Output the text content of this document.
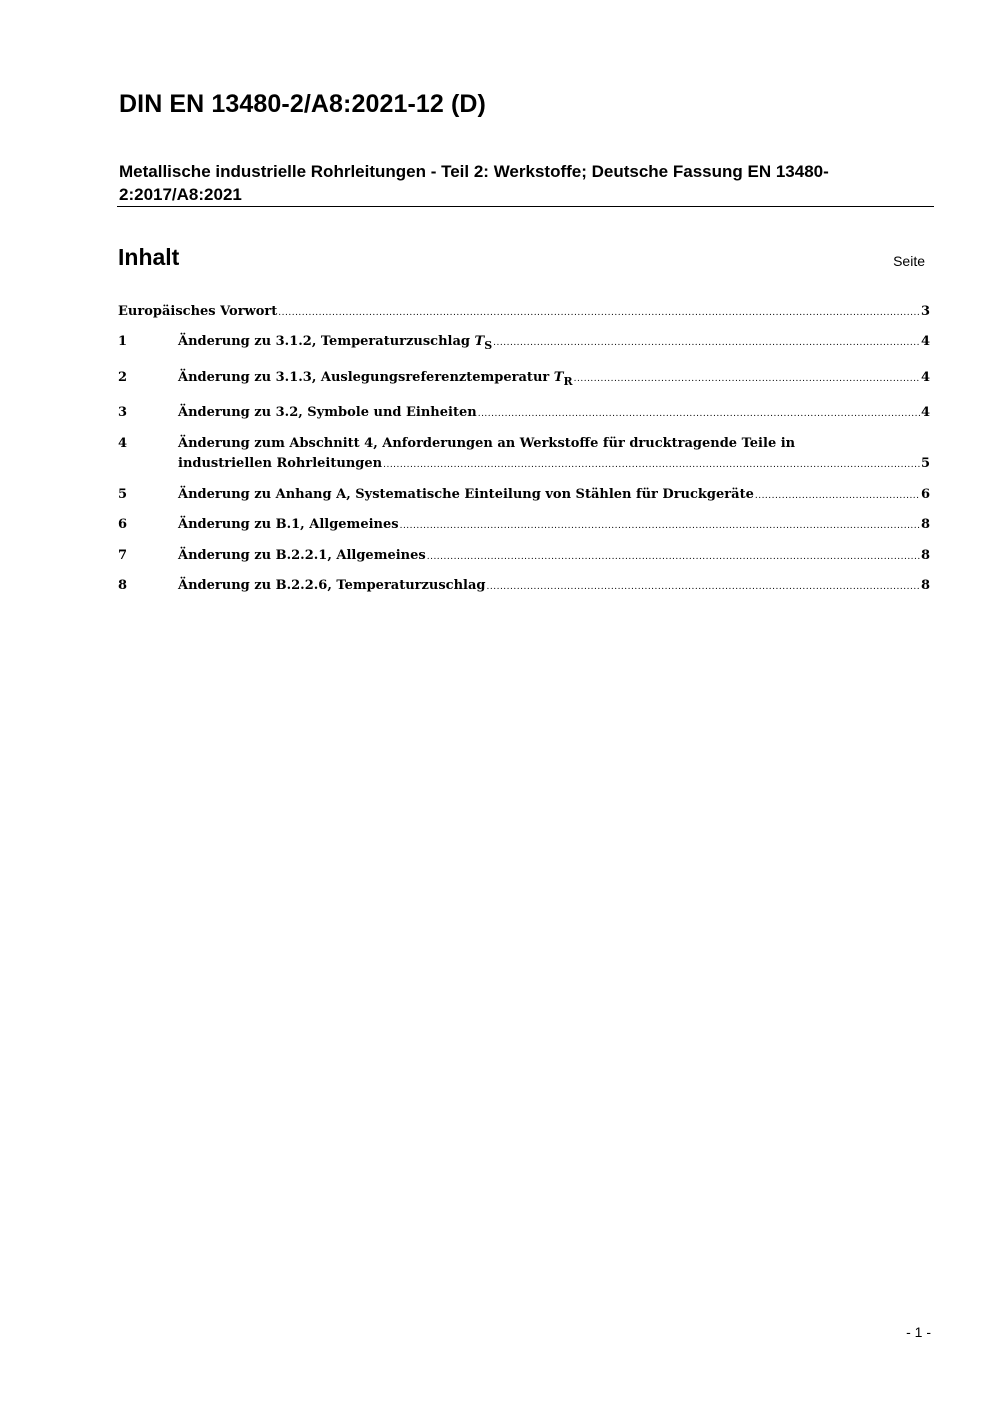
DIN EN 13480-2/A8:2021-12 (D)
Metallische industrielle Rohrleitungen - Teil 2: Werkstoffe; Deutsche Fassung EN 13480-2:2017/A8:2021
Inhalt	Seite
Europäisches Vorwort .....	3
1	Änderung zu 3.1.2, Temperaturzuschlag $T_S$ .....	4
2	Änderung zu 3.1.3, Auslegungsreferenztemperatur $T_R$ .....	4
3	Änderung zu 3.2, Symbole und Einheiten .....	4
4	Änderung zum Abschnitt 4, Anforderungen an Werkstoffe für drucktragende Teile in
industriellen Rohrleitungen .....	5
5	Änderung zu Anhang A, Systematische Einteilung von Stählen für Druckgeräte .....	6
6	Änderung zu B.1, Allgemeines .....	8
7	Änderung zu B.2.2.1, Allgemeines .....	8
8	Änderung zu B.2.2.6, Temperaturzuschlag .....	8
- 1 -
